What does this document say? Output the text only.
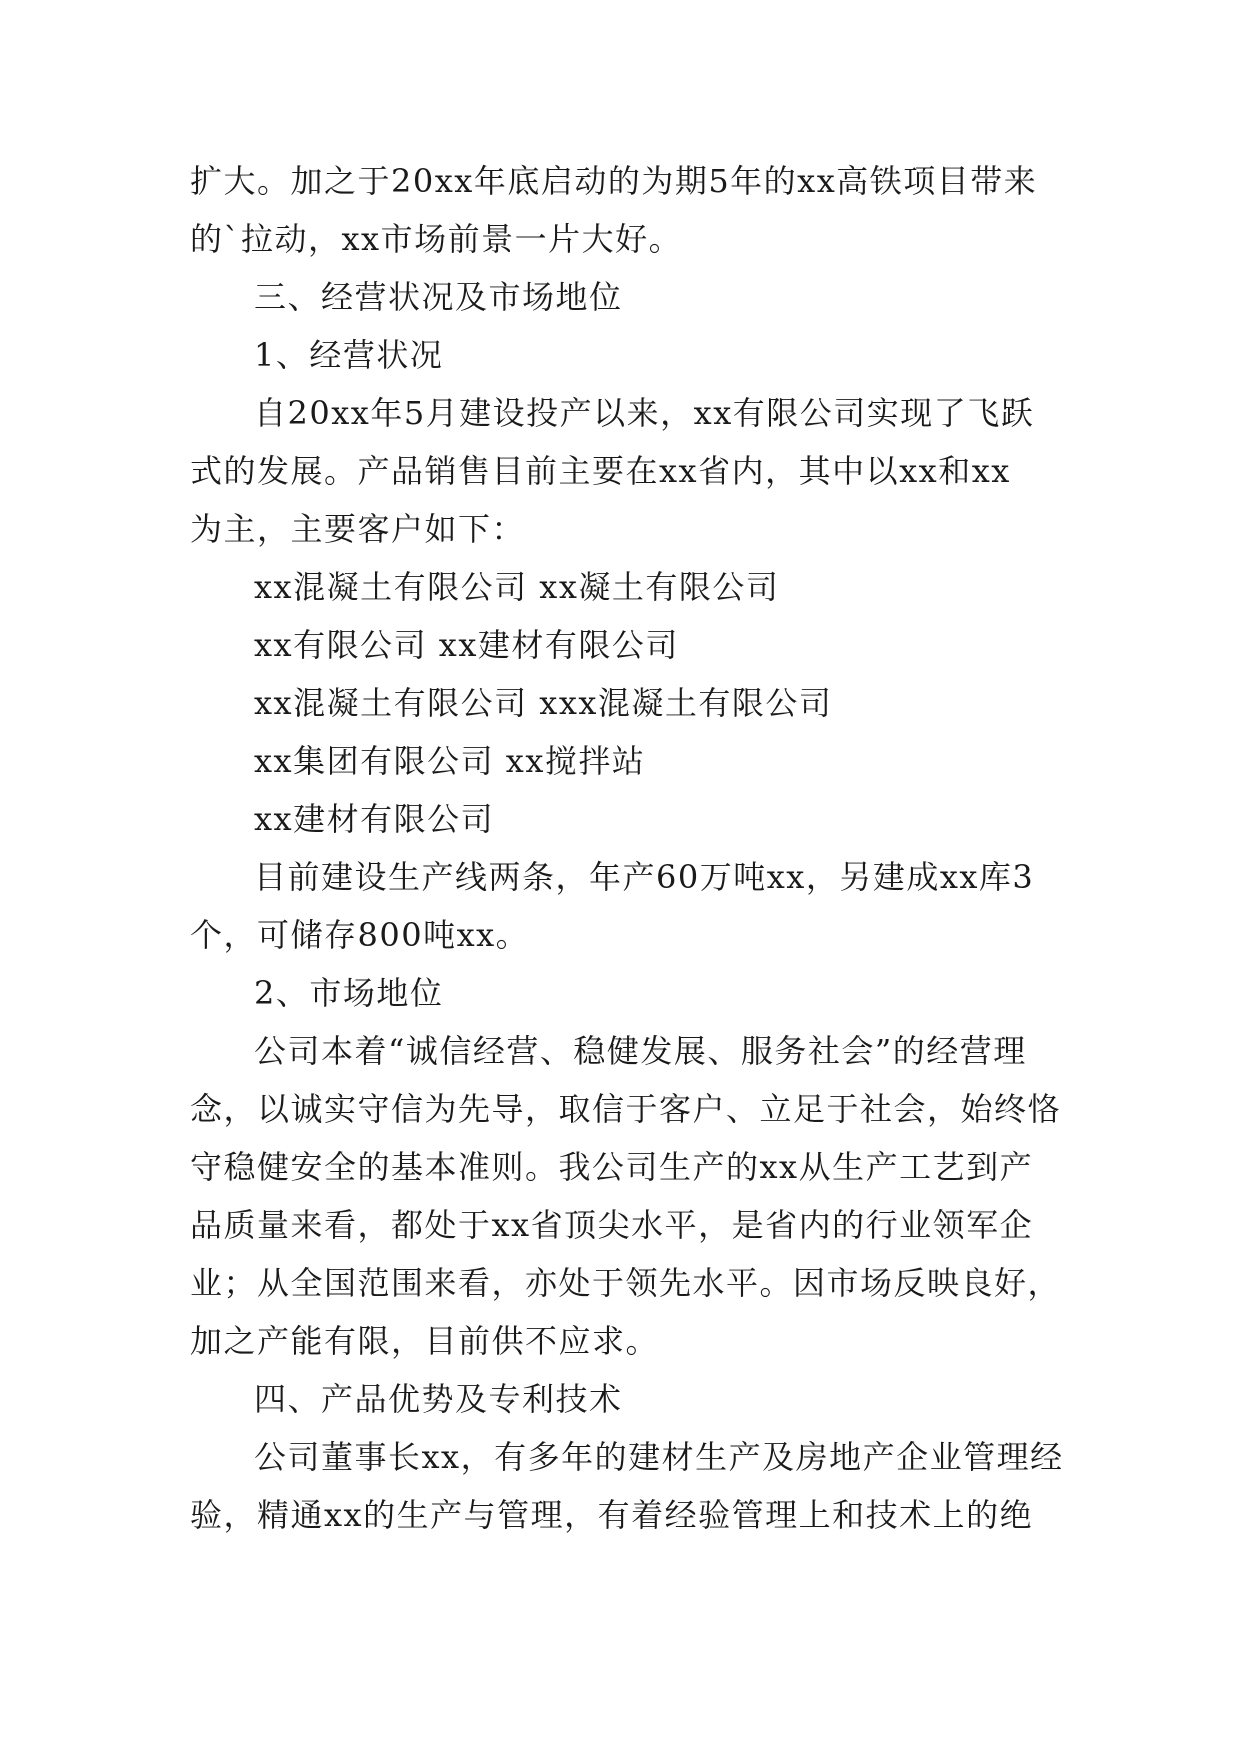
扩大。加之于20xx年底启动的为期5年的xx高铁项目带来
的`拉动，xx市场前景一片大好。
三、经营状况及市场地位
1、经营状况
自20xx年5月建设投产以来，xx有限公司实现了飞跃
式的发展。产品销售目前主要在xx省内，其中以xx和xx
为主，主要客户如下：
xx混凝土有限公司 xx凝土有限公司
xx有限公司 xx建材有限公司
xx混凝土有限公司 xxx混凝土有限公司
xx集团有限公司 xx搅拌站
xx建材有限公司
目前建设生产线两条，年产60万吨xx，另建成xx库3
个，可储存800吨xx。
2、市场地位
公司本着“诚信经营、稳健发展、服务社会”的经营理
念，以诚实守信为先导，取信于客户、立足于社会，始终恪
守稳健安全的基本准则。我公司生产的xx从生产工艺到产
品质量来看，都处于xx省顶尖水平，是省内的行业领军企
业；从全国范围来看，亦处于领先水平。因市场反映良好，
加之产能有限，目前供不应求。
四、产品优势及专利技术
公司董事长xx，有多年的建材生产及房地产企业管理经
验，精通xx的生产与管理，有着经验管理上和技术上的绝
